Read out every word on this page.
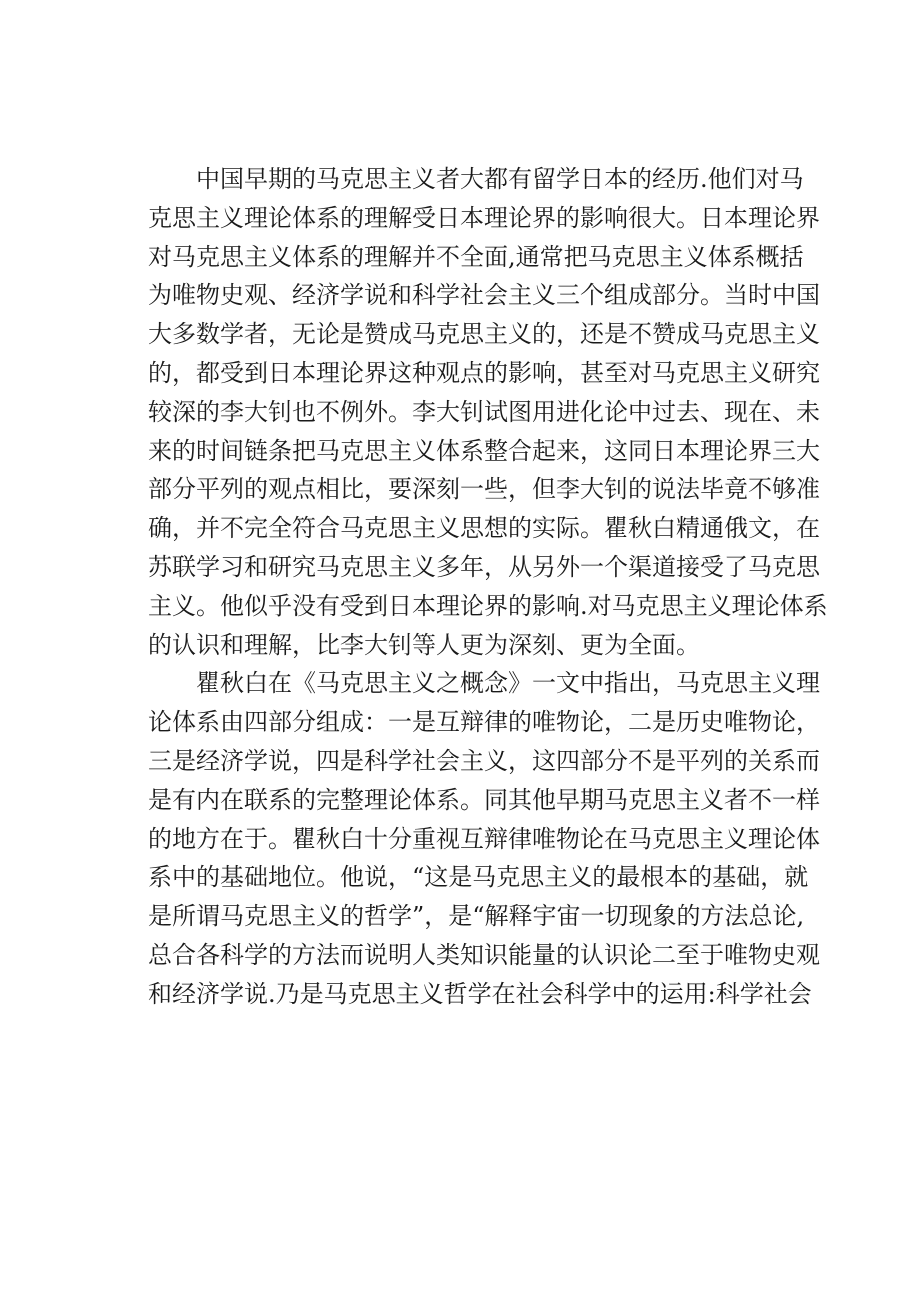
中国早期的马克思主义者大都有留学日本的经历.他们对马
克思主义理论体系的理解受日本理论界的影响很大。日本理论界
对马克思主义体系的理解并不全面,通常把马克思主义体系概括
为唯物史观、经济学说和科学社会主义三个组成部分。当时中国
大多数学者，无论是赞成马克思主义的，还是不赞成马克思主义
的，都受到日本理论界这种观点的影响，甚至对马克思主义研究
较深的李大钊也不例外。李大钊试图用进化论中过去、现在、未
来的时间链条把马克思主义体系整合起来，这同日本理论界三大
部分平列的观点相比，要深刻一些，但李大钊的说法毕竟不够准
确，并不完全符合马克思主义思想的实际。瞿秋白精通俄文，在
苏联学习和研究马克思主义多年，从另外一个渠道接受了马克思
主义。他似乎没有受到日本理论界的影响.对马克思主义理论体系
的认识和理解，比李大钊等人更为深刻、更为全面。
瞿秋白在《马克思主义之概念》一文中指出，马克思主义理
论体系由四部分组成：一是互辩律的唯物论，二是历史唯物论，
三是经济学说，四是科学社会主义，这四部分不是平列的关系而
是有内在联系的完整理论体系。同其他早期马克思主义者不一样
的地方在于。瞿秋白十分重视互辩律唯物论在马克思主义理论体
系中的基础地位。他说，“这是马克思主义的最根本的基础，就
是所谓马克思主义的哲学”，是“解释宇宙一切现象的方法总论,
总合各科学的方法而说明人类知识能量的认识论二至于唯物史观
和经济学说.乃是马克思主义哲学在社会科学中的运用:科学社会
